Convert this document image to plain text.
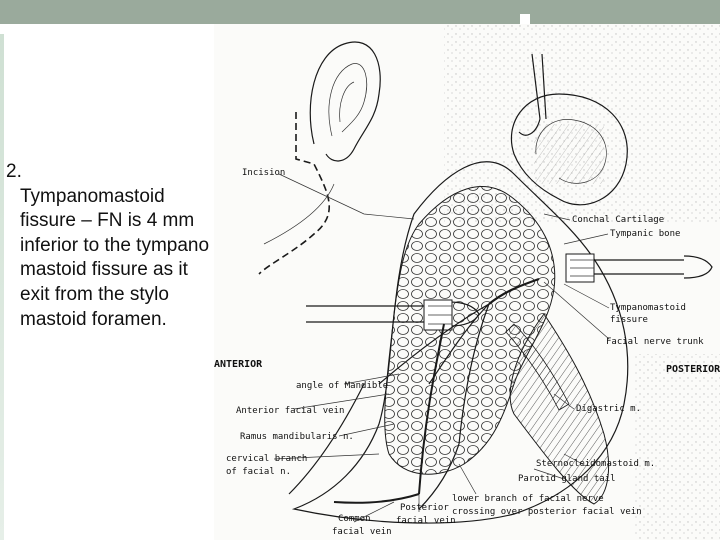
2.
Tympanomastoid fissure – FN is 4 mm inferior to the tympano mastoid fissure as it exit from the stylo mastoid foramen.
Incision
Conchal Cartilage
Tympanic bone
Tympanomastoid
fissure
Facial nerve trunk
ANTERIOR	POSTERIOR
angle of Mandible
Anterior facial vein
Ramus mandibularis n.
Digastric m.
cervical branch
of facial n.
Sternocleidomastoid m.
Parotid gland tail
lower branch of facial nerve
crossing over posterior facial vein
Posterior
facial vein
Common
facial vein
